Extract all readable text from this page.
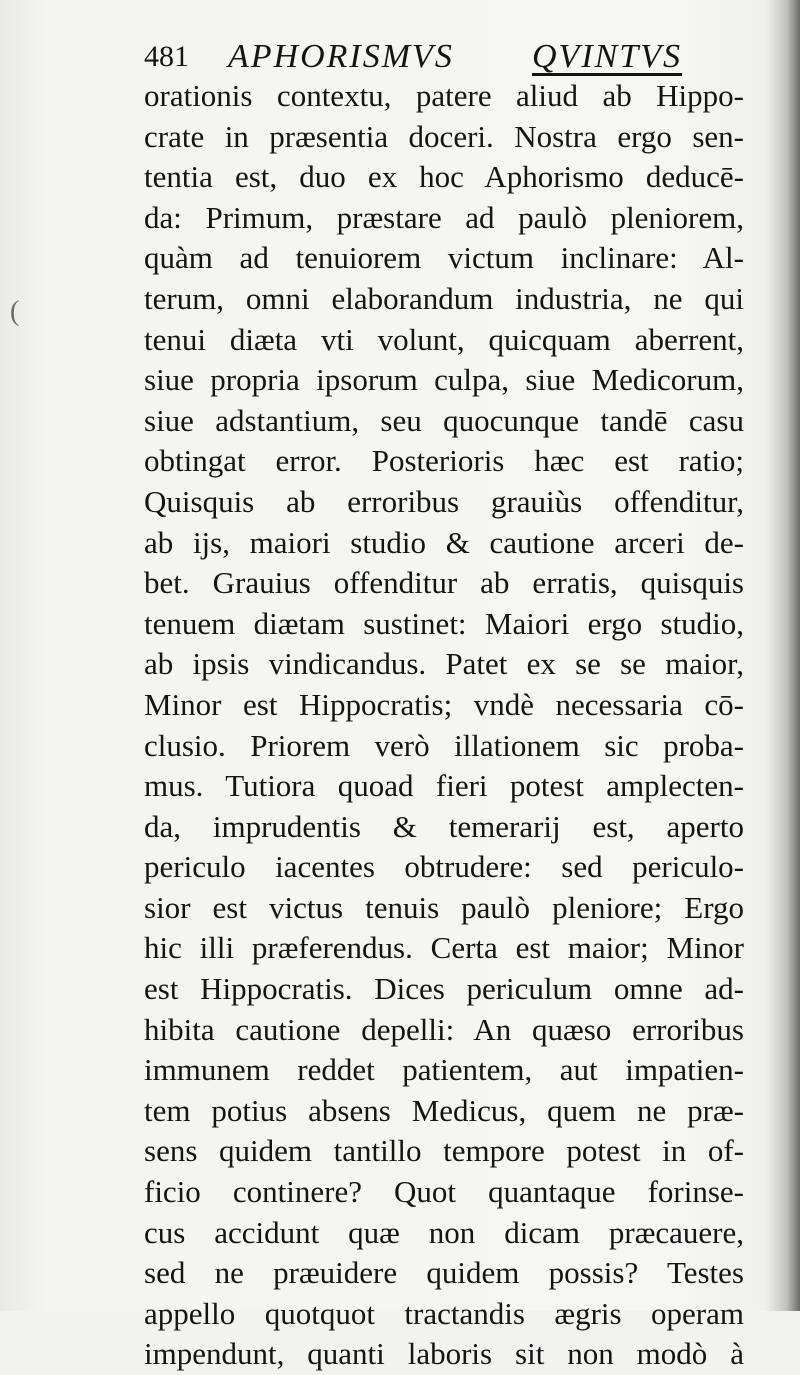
481 APHORISMVS QVINTVS
(
orationis contextu, patere aliud ab Hippo-
crate in præsentia doceri. Nostra ergo sen-
tentia est, duo ex hoc Aphorismo deducē-
da: Primum, præstare ad paulò pleniorem,
quàm ad tenuiorem victum inclinare: Al-
terum, omni elaborandum industria, ne qui
tenui diæta vti volunt, quicquam aberrent,
siue propria ipsorum culpa, siue Medicorum,
siue adstantium, seu quocunque tandē casu
obtingat error. Posterioris hæc est ratio;
Quisquis ab erroribus grauiùs offenditur,
ab ijs, maiori studio & cautione arceri de-
bet. Grauius offenditur ab erratis, quisquis
tenuem diætam sustinet: Maiori ergo studio,
ab ipsis vindicandus. Patet ex se se maior,
Minor est Hippocratis; vndè necessaria cō-
clusio. Priorem verò illationem sic proba-
mus. Tutiora quoad fieri potest amplecten-
da, imprudentis & temerarij est, aperto
periculo iacentes obtrudere: sed periculo-
sior est victus tenuis paulò pleniore; Ergo
hic illi præferendus. Certa est maior; Minor
est Hippocratis. Dices periculum omne ad-
hibita cautione depelli: An quæso erroribus
immunem reddet patientem, aut impatien-
tem potius absens Medicus, quem ne præ-
sens quidem tantillo tempore potest in of-
ficio continere? Quot quantaque forinse-
cus accidunt quæ non dicam præcauere,
sed ne præuidere quidem possis? Testes
appello quotquot tractandis ægris operam
impendunt, quanti laboris sit non modò à
